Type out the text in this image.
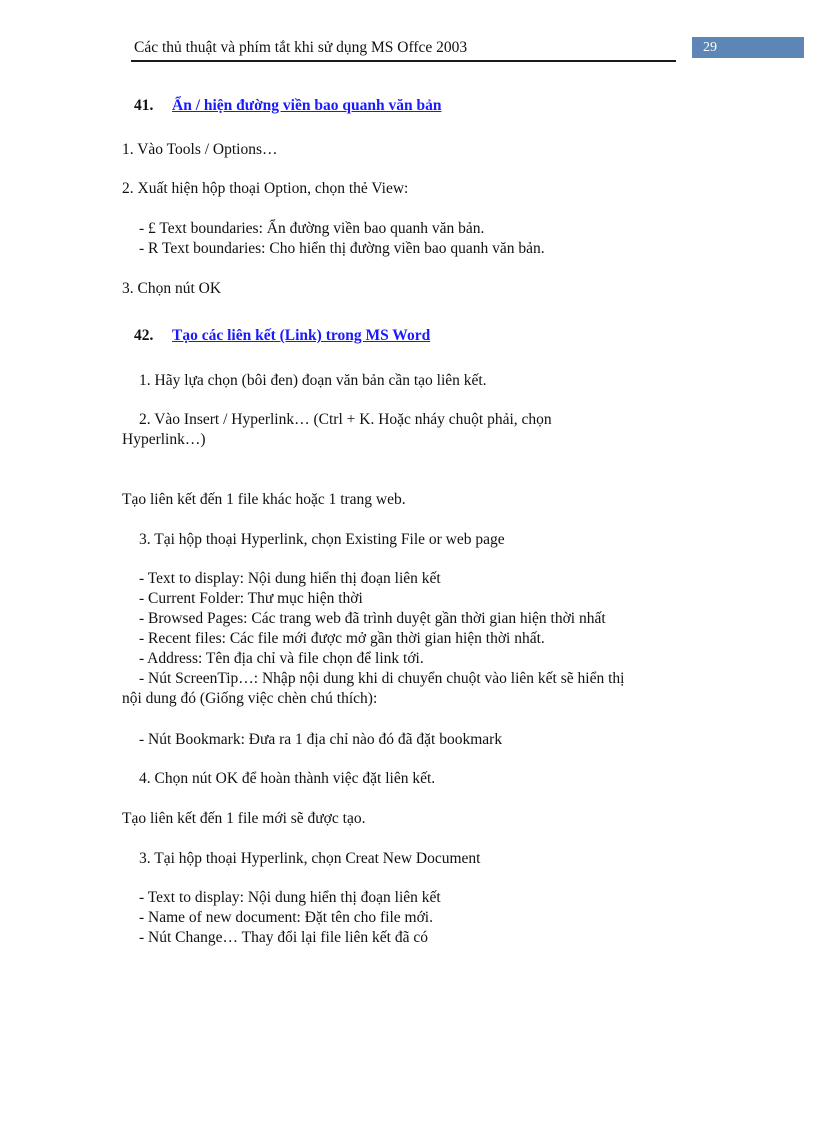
Các thủ thuật và phím tắt khi sử dụng MS Offce 2003	29
41. Ẩn / hiện đường viền bao quanh văn bản
1. Vào Tools / Options…
2. Xuất hiện hộp thoại Option, chọn thẻ View:
- £ Text boundaries: Ẩn đường viền bao quanh văn bản.
- R Text boundaries: Cho hiển thị đường viền bao quanh văn bản.
3. Chọn nút OK
42. Tạo các liên kết (Link) trong MS Word
1. Hãy lựa chọn (bôi đen) đoạn văn bản cần tạo liên kết.
2. Vào Insert / Hyperlink… (Ctrl + K. Hoặc nháy chuột phải, chọn
Hyperlink…)
Tạo liên kết đến 1 file khác hoặc 1 trang web.
3. Tại hộp thoại Hyperlink, chọn Existing File or web page
- Text to display: Nội dung hiển thị đoạn liên kết
- Current Folder: Thư mục hiện thời
- Browsed Pages: Các trang web đã trình duyệt gần thời gian hiện thời nhất
- Recent files: Các file mới được mở gần thời gian hiện thời nhất.
- Address: Tên địa chỉ và file chọn để link tới.
- Nút ScreenTip…: Nhập nội dung khi di chuyển chuột vào liên kết sẽ hiển thị
nội dung đó (Giống việc chèn chú thích):
- Nút Bookmark: Đưa ra 1 địa chỉ nào đó đã đặt bookmark
4. Chọn nút OK để hoàn thành việc đặt liên kết.
Tạo liên kết đến 1 file mới sẽ được tạo.
3. Tại hộp thoại Hyperlink, chọn Creat New Document
- Text to display: Nội dung hiển thị đoạn liên kết
- Name of new document: Đặt tên cho file mới.
- Nút Change… Thay đổi lại file liên kết đã có
